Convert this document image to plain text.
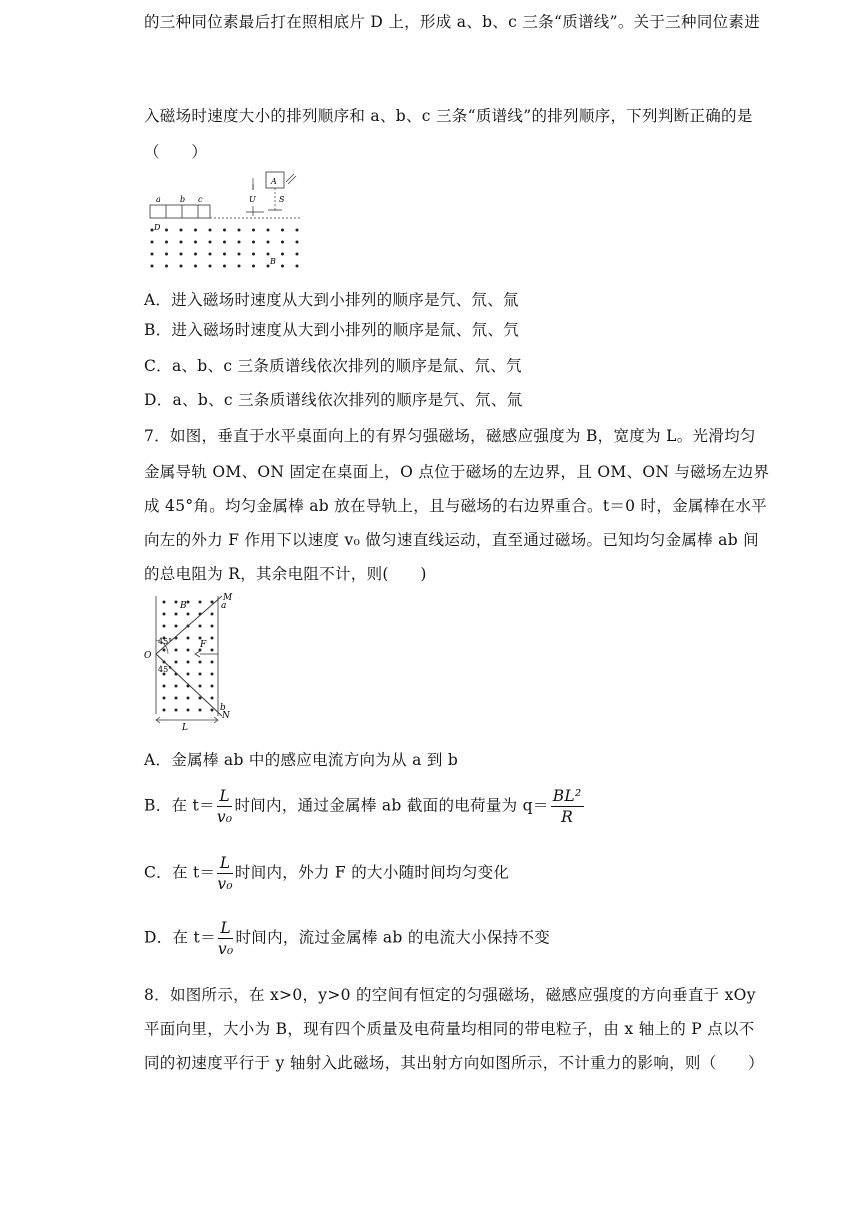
的三种同位素最后打在照相底片 D 上，形成 a、b、c 三条“质谱线”。关于三种同位素进
入磁场时速度大小的排列顺序和 a、b、c 三条“质谱线”的排列顺序，下列判断正确的是
（　　）
a b c
D
A
U	S
B
A．进入磁场时速度从大到小排列的顺序是氕、氘、氚
B．进入磁场时速度从大到小排列的顺序是氚、氘、氕
C．a、b、c 三条质谱线依次排列的顺序是氚、氘、氕
D．a、b、c 三条质谱线依次排列的顺序是氕、氘、氚
7．如图，垂直于水平桌面向上的有界匀强磁场，磁感应强度为 B，宽度为 L。光滑均匀
金属导轨 OM、ON 固定在桌面上，O 点位于磁场的左边界，且 OM、ON 与磁场左边界
成 45°角。均匀金属棒 ab 放在导轨上，且与磁场的右边界重合。t＝0 时，金属棒在水平
向左的外力 F 作用下以速度 v₀ 做匀速直线运动，直至通过磁场。已知均匀金属棒 ab 间
的总电阻为 R，其余电阻不计，则(　　)
M
a
B
F
O
45°
45°
b
N
L
A．金属棒 ab 中的感应电流方向为从 a 到 b
B．在 $t= \frac{L}{\text{v₀}}$ 时间内，通过金属棒 ab 截面的电荷量为 $q= \frac{\text{BL²}}{R}$
C．在 $t= \frac{L}{\text{v₀}}$ 时间内，外力 F 的大小随时间均匀变化
D．在 $t= \frac{L}{\text{v₀}}$ 时间内，流过金属棒 ab 的电流大小保持不变
8．如图所示，在 x>0，y>0 的空间有恒定的匀强磁场，磁感应强度的方向垂直于 xOy
平面向里，大小为 B，现有四个质量及电荷量均相同的带电粒子，由 x 轴上的 P 点以不
同的初速度平行于 y 轴射入此磁场，其出射方向如图所示，不计重力的影响，则（　　）
